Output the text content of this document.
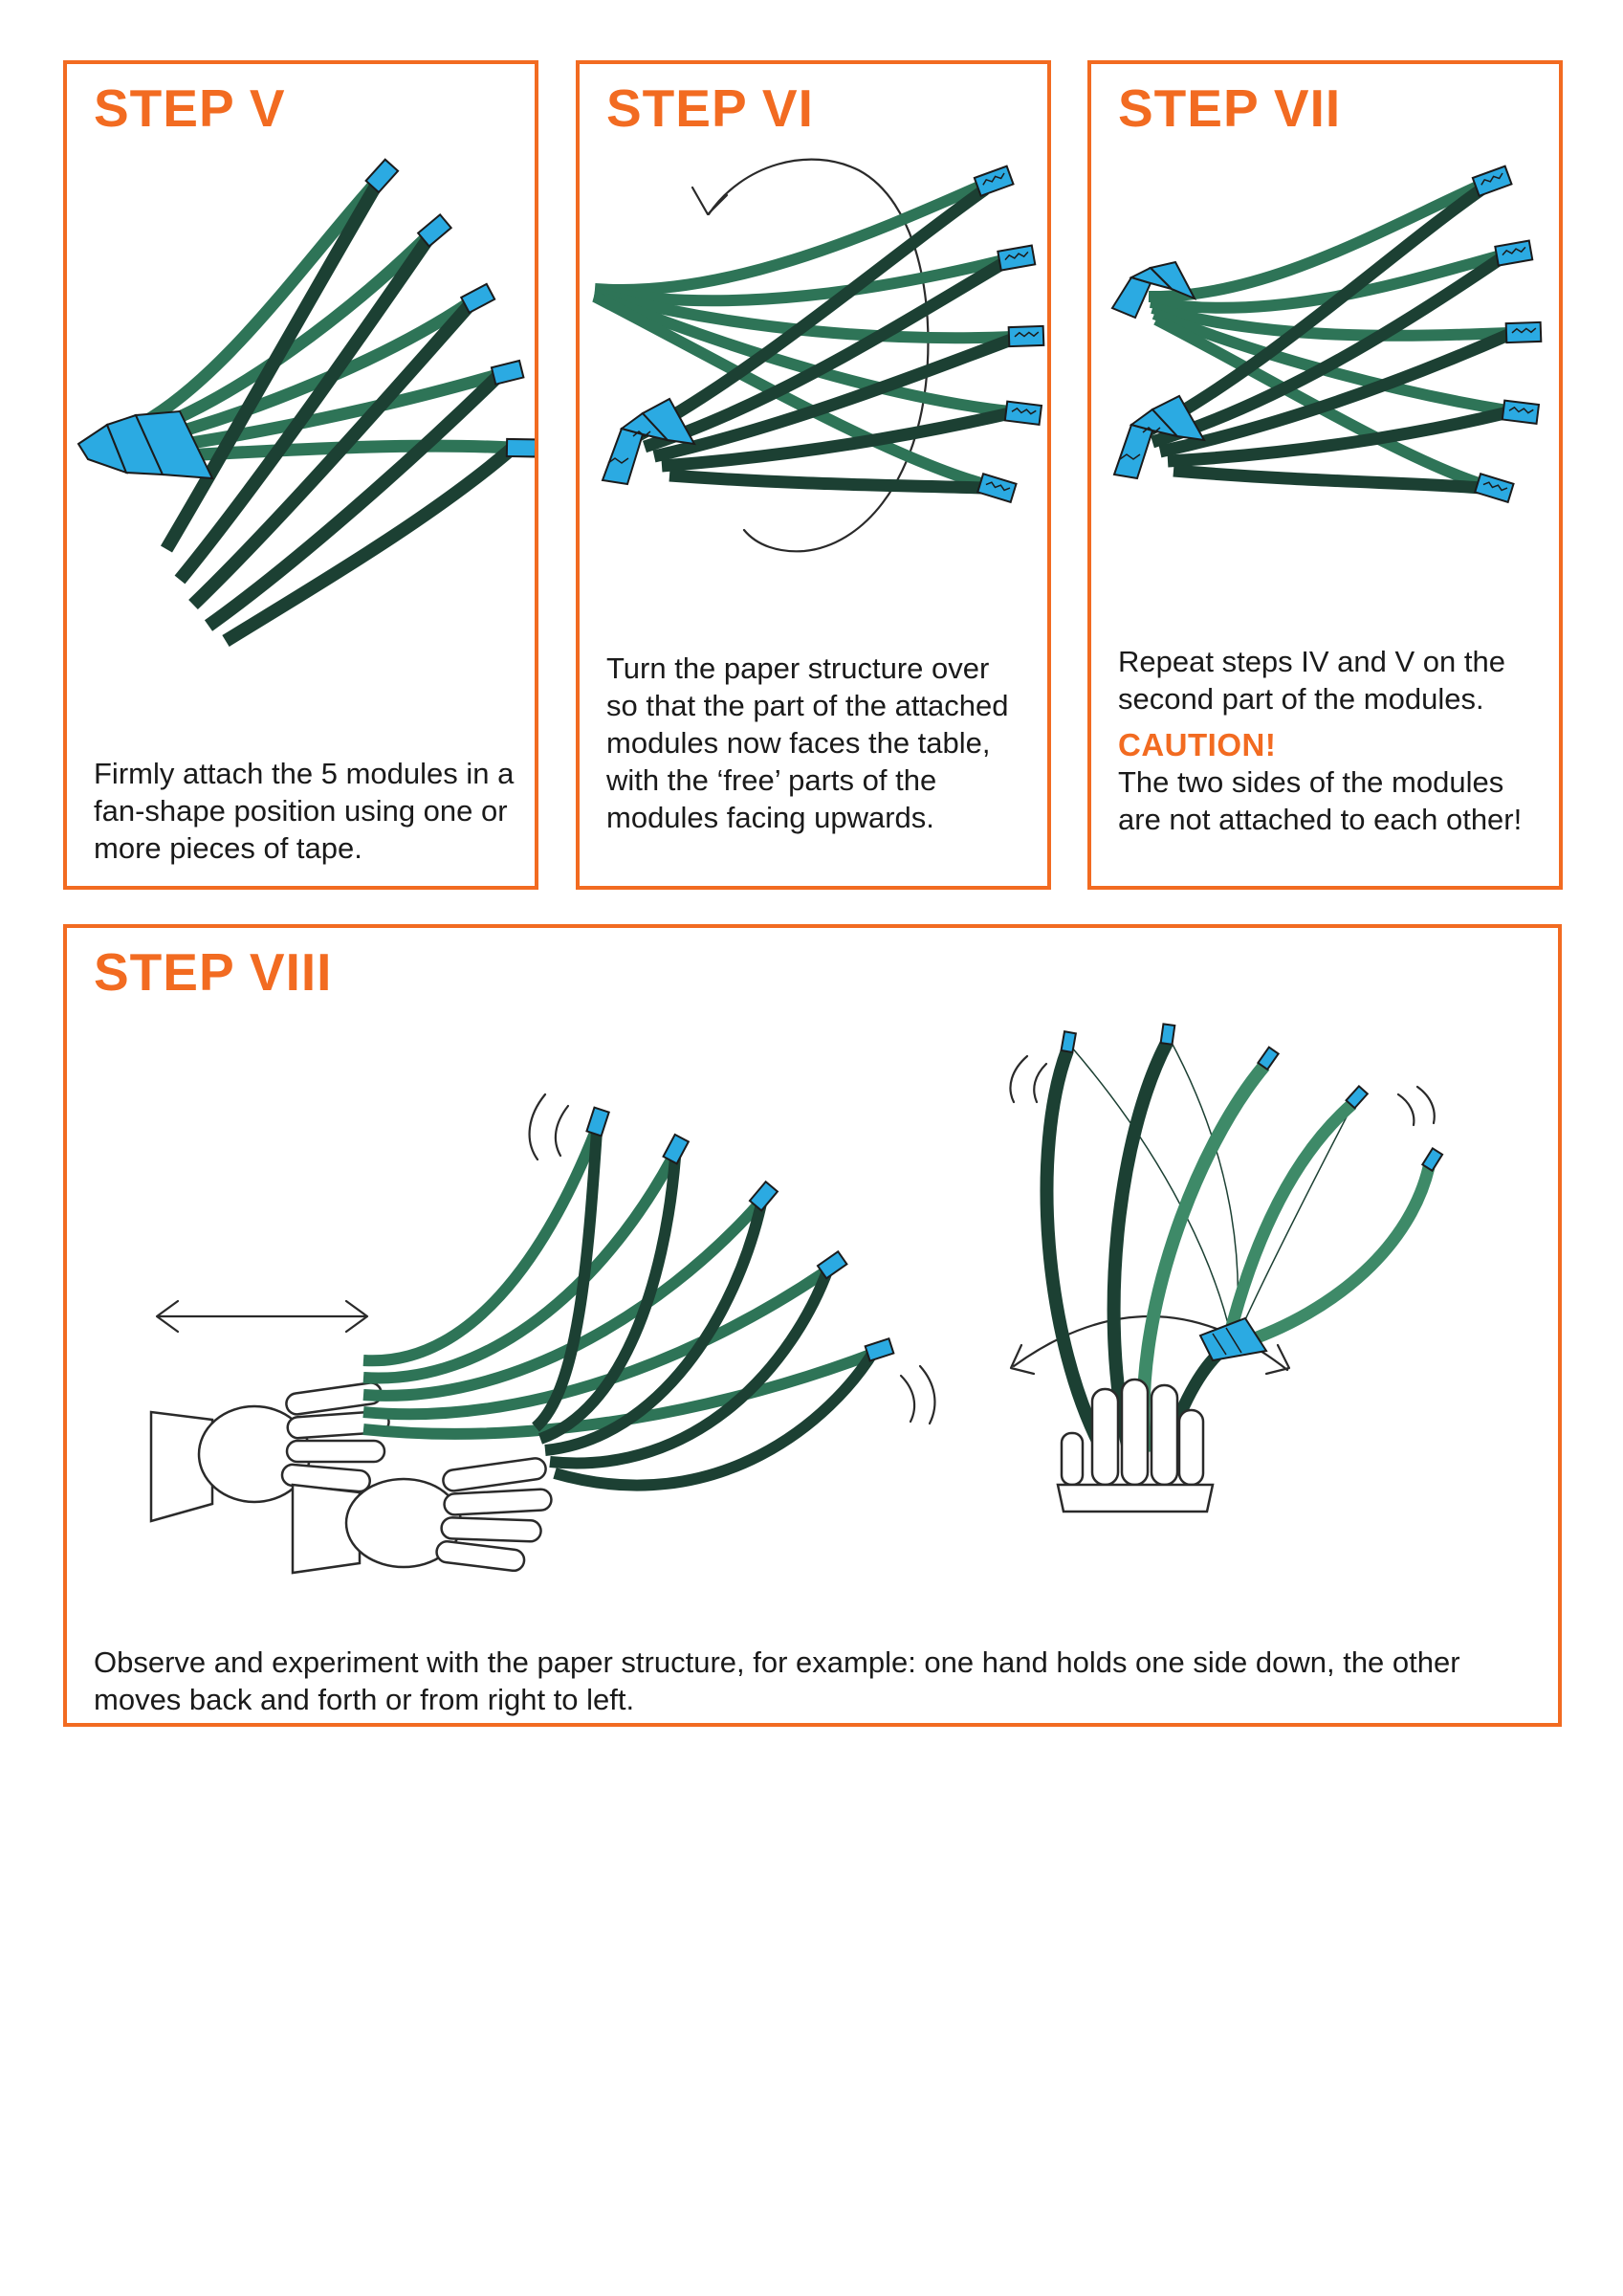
STEP V

Firmly attach the 5 modules in a fan-shape position using one or more pieces of tape.

STEP VI

Turn the paper structure over so that the part of the attached modules now faces the table, with the ‘free’ parts of the modules facing upwards.

STEP VII

Repeat steps IV and V on the second part of the modules.

CAUTION!

The two sides of the modules are not attached to each other!

STEP VIII

Observe and experiment with the paper structure, for example: one hand holds one side down, the other moves back and forth or from right to left.
